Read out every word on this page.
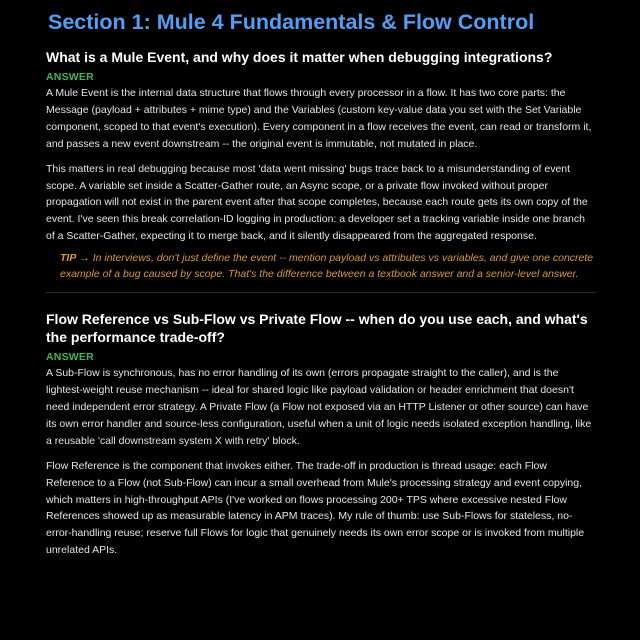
Section 1: Mule 4 Fundamentals & Flow Control
What is a Mule Event, and why does it matter when debugging integrations?
ANSWER

A Mule Event is the internal data structure that flows through every processor in a flow. It has two core parts: the Message (payload + attributes + mime type) and the Variables (custom key-value data you set with the Set Variable component, scoped to that event's execution). Every component in a flow receives the event, can read or transform it, and passes a new event downstream -- the original event is immutable, not mutated in place.

This matters in real debugging because most 'data went missing' bugs trace back to a misunderstanding of event scope. A variable set inside a Scatter-Gather route, an Async scope, or a private flow invoked without proper propagation will not exist in the parent event after that scope completes, because each route gets its own copy of the event. I've seen this break correlation-ID logging in production: a developer set a tracking variable inside one branch of a Scatter-Gather, expecting it to merge back, and it silently disappeared from the aggregated response.

TIP → In interviews, don't just define the event -- mention payload vs attributes vs variables, and give one concrete example of a bug caused by scope. That's the difference between a textbook answer and a senior-level answer.
Flow Reference vs Sub-Flow vs Private Flow -- when do you use each, and what's the performance trade-off?
ANSWER

A Sub-Flow is synchronous, has no error handling of its own (errors propagate straight to the caller), and is the lightest-weight reuse mechanism -- ideal for shared logic like payload validation or header enrichment that doesn't need independent error strategy. A Private Flow (a Flow not exposed via an HTTP Listener or other source) can have its own error handler and source-less configuration, useful when a unit of logic needs isolated exception handling, like a reusable 'call downstream system X with retry' block.

Flow Reference is the component that invokes either. The trade-off in production is thread usage: each Flow Reference to a Flow (not Sub-Flow) can incur a small overhead from Mule's processing strategy and event copying, which matters in high-throughput APIs (I've worked on flows processing 200+ TPS where excessive nested Flow References showed up as measurable latency in APM traces). My rule of thumb: use Sub-Flows for stateless, no-error-handling reuse; reserve full Flows for logic that genuinely needs its own error scope or is invoked from multiple unrelated APIs.
